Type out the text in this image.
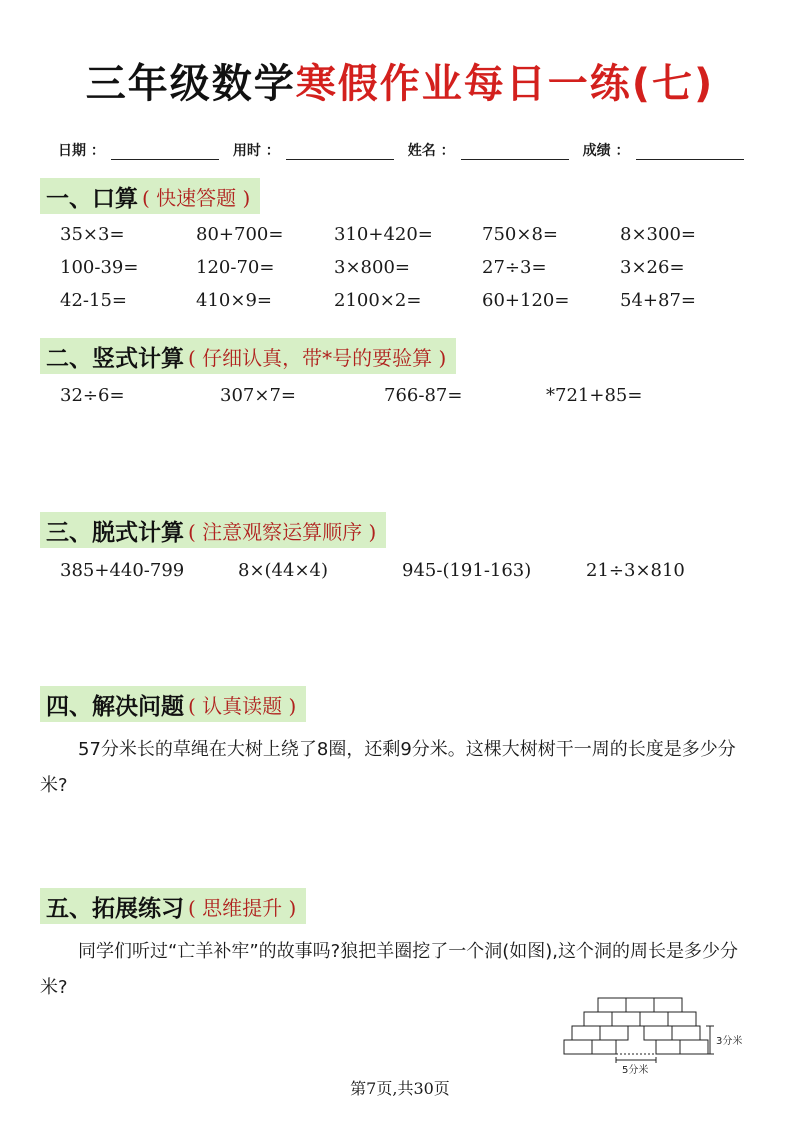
三年级数学寒假作业每日一练(七)
日期 ：	用时 ：	姓名 ：	成绩 ：
一、口算 ( 快速答题 )
35×3=	80+700=	310+420=	750×8=	8×300=
100-39=	120-70=	3×800=	27÷3=	3×26=
42-15=	410×9=	2100×2=	60+120=	54+87=
二、竖式计算 ( 仔细认真，带*号的要验算 )
32÷6=	307×7=	766-87=	*721+85=
三、脱式计算 ( 注意观察运算顺序 )
385+440-799	8×(44×4)	945-(191-163)	21÷3×810
四、解决问题 ( 认真读题 )
57分米长的草绳在大树上绕了8圈，还剩9分米。这棵大树树干一周的长度是多少分米?
五、拓展练习 ( 思维提升 )
同学们听过“亡羊补牢”的故事吗?狼把羊圈挖了一个洞(如图),这个洞的周长是多少分米?
3分米
5分米
第7页,共30页
